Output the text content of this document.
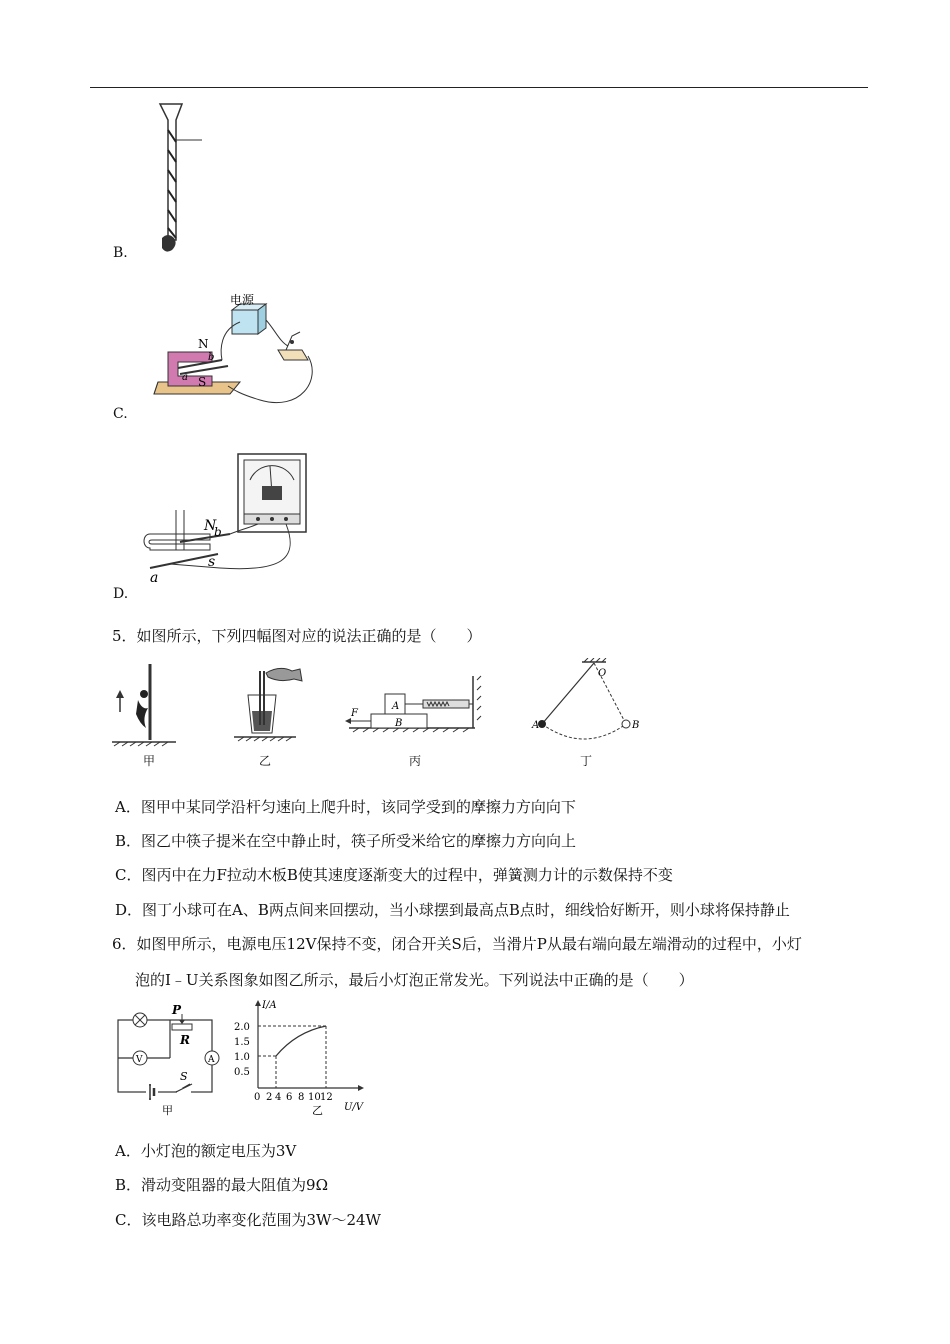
B.
电源
N
S
b
a
C.
N
b
s
a
D.
5．如图所示，下列四幅图对应的说法正确的是（　　）
甲	乙
A
B
F
丙
O
A	B
丁
A．图甲中某同学沿杆匀速向上爬升时，该同学受到的摩擦力方向向下
B．图乙中筷子提米在空中静止时，筷子所受米给它的摩擦力方向向上
C．图丙中在力F拉动木板B使其速度逐渐变大的过程中，弹簧测力计的示数保持不变
D．图丁小球可在A、B两点间来回摆动，当小球摆到最高点B点时，细线恰好断开，则小球将保持静止
6．如图甲所示，电源电压12V保持不变，闭合开关S后，当滑片P从最右端向最左端滑动的过程中，小灯
泡的I﹣U关系图象如图乙所示，最后小灯泡正常发光。下列说法中正确的是（　　）
P
R
V	A
S
甲
I/A
U/V
2.0
1.5
1.0
0.5
0 2 4 6 8 10 12
乙
A．小灯泡的额定电压为3V
B．滑动变阻器的最大阻值为9Ω
C．该电路总功率变化范围为3W～24W
